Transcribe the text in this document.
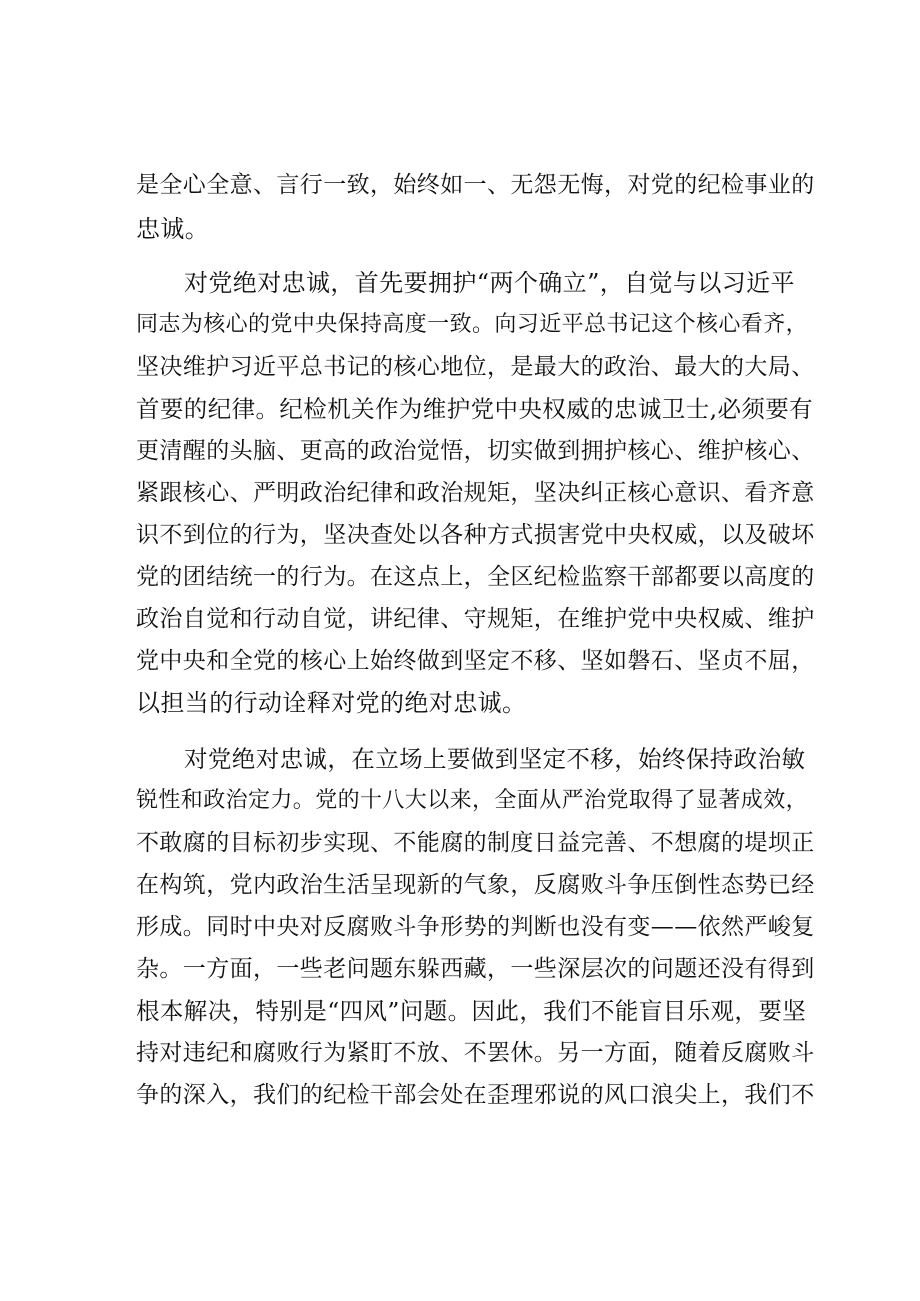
是全心全意、言行一致，始终如一、无怨无悔，对党的纪检事业的
忠诚。
对党绝对忠诚，首先要拥护“两个确立”，自觉与以习近平
同志为核心的党中央保持高度一致。向习近平总书记这个核心看齐，
坚决维护习近平总书记的核心地位，是最大的政治、最大的大局、
首要的纪律。纪检机关作为维护党中央权威的忠诚卫士,必须要有
更清醒的头脑、更高的政治觉悟，切实做到拥护核心、维护核心、
紧跟核心、严明政治纪律和政治规矩，坚决纠正核心意识、看齐意
识不到位的行为，坚决查处以各种方式损害党中央权威，以及破坏
党的团结统一的行为。在这点上，全区纪检监察干部都要以高度的
政治自觉和行动自觉，讲纪律、守规矩，在维护党中央权威、维护
党中央和全党的核心上始终做到坚定不移、坚如磐石、坚贞不屈，
以担当的行动诠释对党的绝对忠诚。
对党绝对忠诚，在立场上要做到坚定不移，始终保持政治敏
锐性和政治定力。党的十八大以来，全面从严治党取得了显著成效，
不敢腐的目标初步实现、不能腐的制度日益完善、不想腐的堤坝正
在构筑，党内政治生活呈现新的气象，反腐败斗争压倒性态势已经
形成。同时中央对反腐败斗争形势的判断也没有变——依然严峻复
杂。一方面，一些老问题东躲西藏，一些深层次的问题还没有得到
根本解决，特别是“四风”问题。因此，我们不能盲目乐观，要坚
持对违纪和腐败行为紧盯不放、不罢休。另一方面，随着反腐败斗
争的深入，我们的纪检干部会处在歪理邪说的风口浪尖上，我们不
